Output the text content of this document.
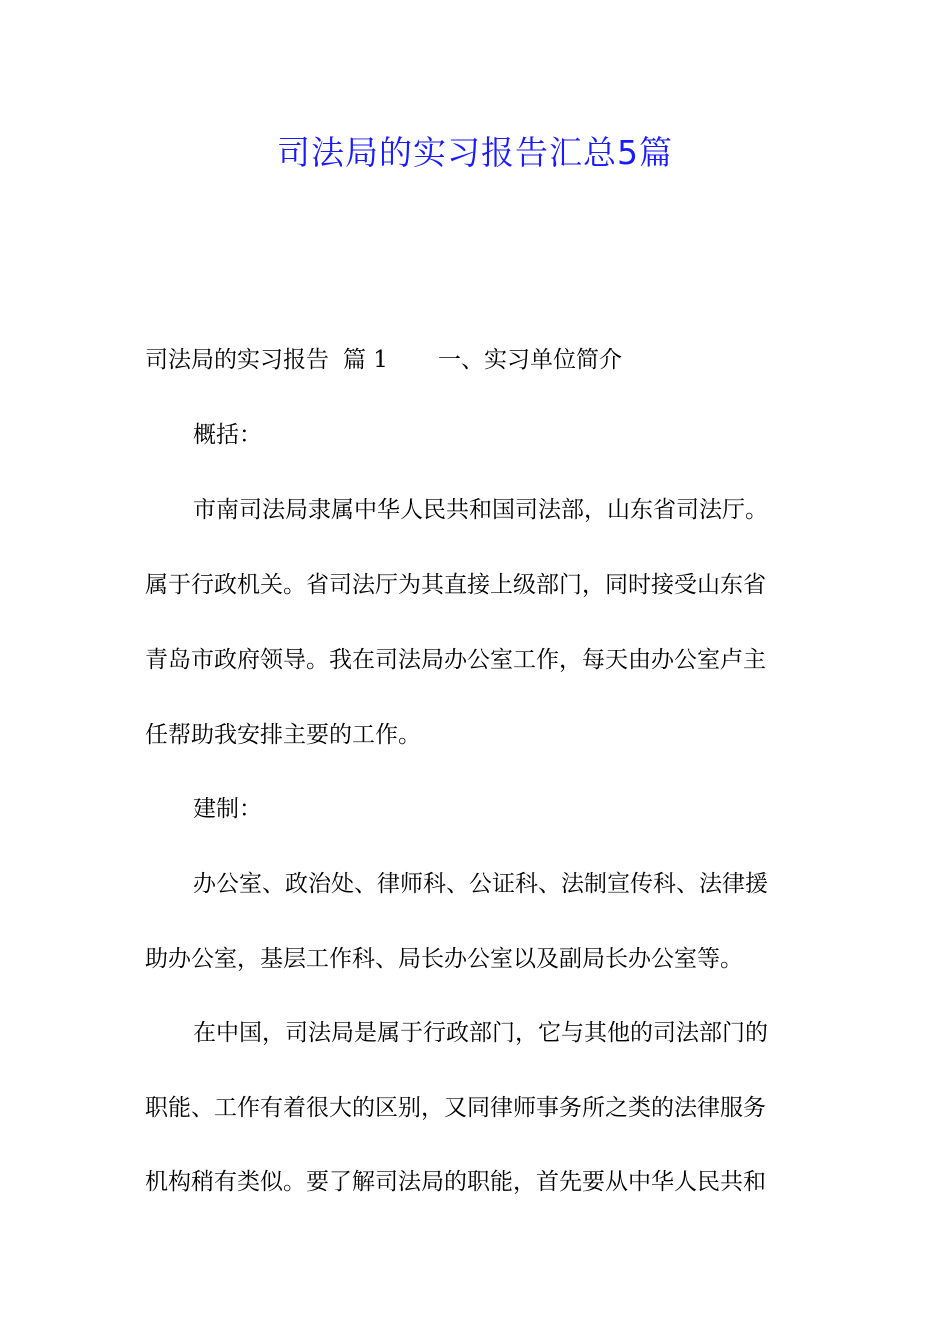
司法局的实习报告汇总5篇

司法局的实习报告 篇 1 一、实习单位简介

概括：

市南司法局隶属中华人民共和国司法部，山东省司法厅。

属于行政机关。省司法厅为其直接上级部门，同时接受山东省

青岛市政府领导。我在司法局办公室工作，每天由办公室卢主

任帮助我安排主要的工作。

建制：

办公室、政治处、律师科、公证科、法制宣传科、法律援

助办公室，基层工作科、局长办公室以及副局长办公室等。

在中国，司法局是属于行政部门，它与其他的司法部门的

职能、工作有着很大的区别，又同律师事务所之类的法律服务

机构稍有类似。要了解司法局的职能，首先要从中华人民共和
